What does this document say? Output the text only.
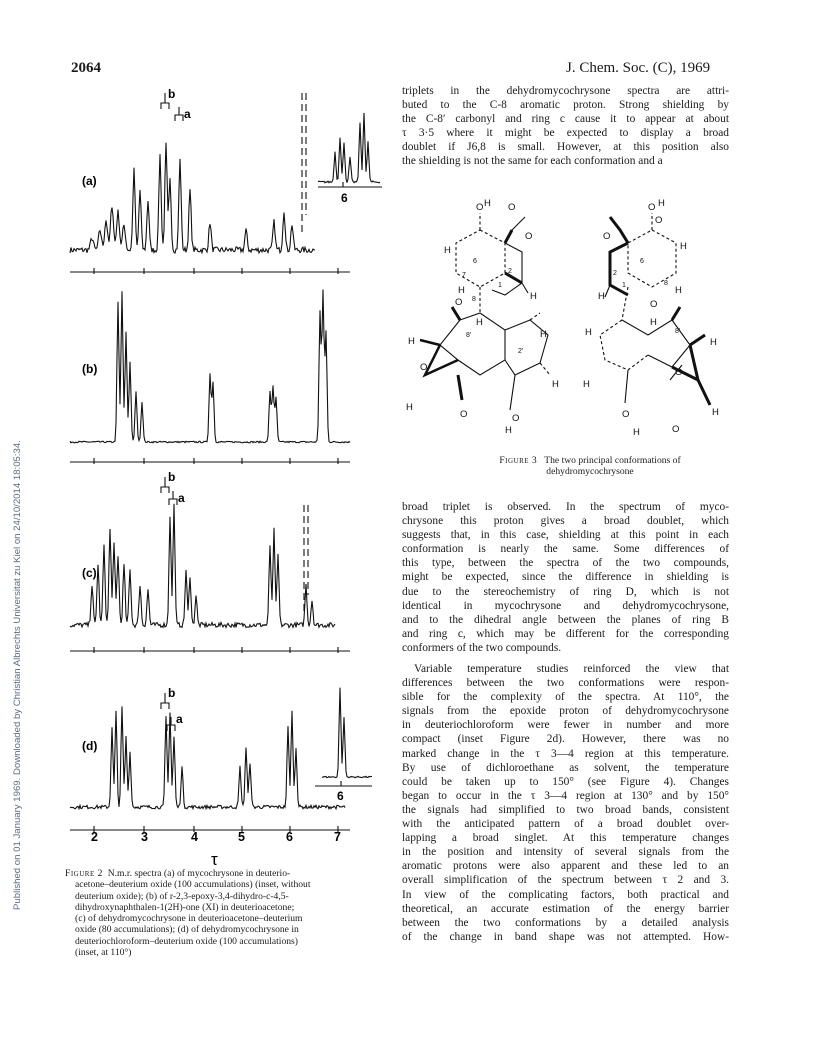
Published on 01 January 1969. Downloaded by Christian Albrechts Universitat zu Kiel on 24/10/2014 18:05:34.
2064	J. Chem. Soc. (C), 1969
(a)
(b)
(c)
(d)
b
a
b
a
b
a
6
6
2	3	4	5	6	7
τ
Figure 2 N.m.r. spectra (a) of mycochrysone in deuterio-
acetone–deuterium oxide (100 accumulations) (inset, without
deuterium oxide); (b) of r-2,3-epoxy-3,4-dihydro-c-4,5-
dihydroxynaphthalen-1(2H)-one (XI) in deuterioacetone;
(c) of dehydromycochrysone in deuterioacetone–deuterium
oxide (80 accumulations); (d) of dehydromycochrysone in
deuteriochloroform–deuterium oxide (100 accumulations)
(inset, at 110°)
triplets in the dehydromycochrysone spectra are attri-
buted to the C-8 aromatic proton. Strong shielding by
the C-8′ carbonyl and ring c cause it to appear at about
τ 3·5 where it might be expected to display a broad
doublet if J6,8 is small. However, at this position also
the shielding is not the same for each conformation and a
O H O
O
H
H
H
H
O
H
O
H
O
H
O
H
H
6
7
8
2
1
8'
2'
O H
O
O
H
H
H
H
O
H
H
H
O
H
O
O
H
6
2
1	8
8'
Figure 3 The two principal conformations of
dehydromycochrysone
broad triplet is observed. In the spectrum of myco-
chrysone this proton gives a broad doublet, which
suggests that, in this case, shielding at this point in each
conformation is nearly the same. Some differences of
this type, between the spectra of the two compounds,
might be expected, since the difference in shielding is
due to the stereochemistry of ring D, which is not
identical in mycochrysone and dehydromycochrysone,
and to the dihedral angle between the planes of ring B
and ring c, which may be different for the corresponding
conformers of the two compounds.
Variable temperature studies reinforced the view that
differences between the two conformations were respon-
sible for the complexity of the spectra. At 110°, the
signals from the epoxide proton of dehydromycochrysone
in deuteriochloroform were fewer in number and more
compact (inset Figure 2d). However, there was no
marked change in the τ 3—4 region at this temperature.
By use of dichloroethane as solvent, the temperature
could be taken up to 150° (see Figure 4). Changes
began to occur in the τ 3—4 region at 130° and by 150°
the signals had simplified to two broad bands, consistent
with the anticipated pattern of a broad doublet over-
lapping a broad singlet. At this temperature changes
in the position and intensity of several signals from the
aromatic protons were also apparent and these led to an
overall simplification of the spectrum between τ 2 and 3.
In view of the complicating factors, both practical and
theoretical, an accurate estimation of the energy barrier
between the two conformations by a detailed analysis
of the change in band shape was not attempted. How-
